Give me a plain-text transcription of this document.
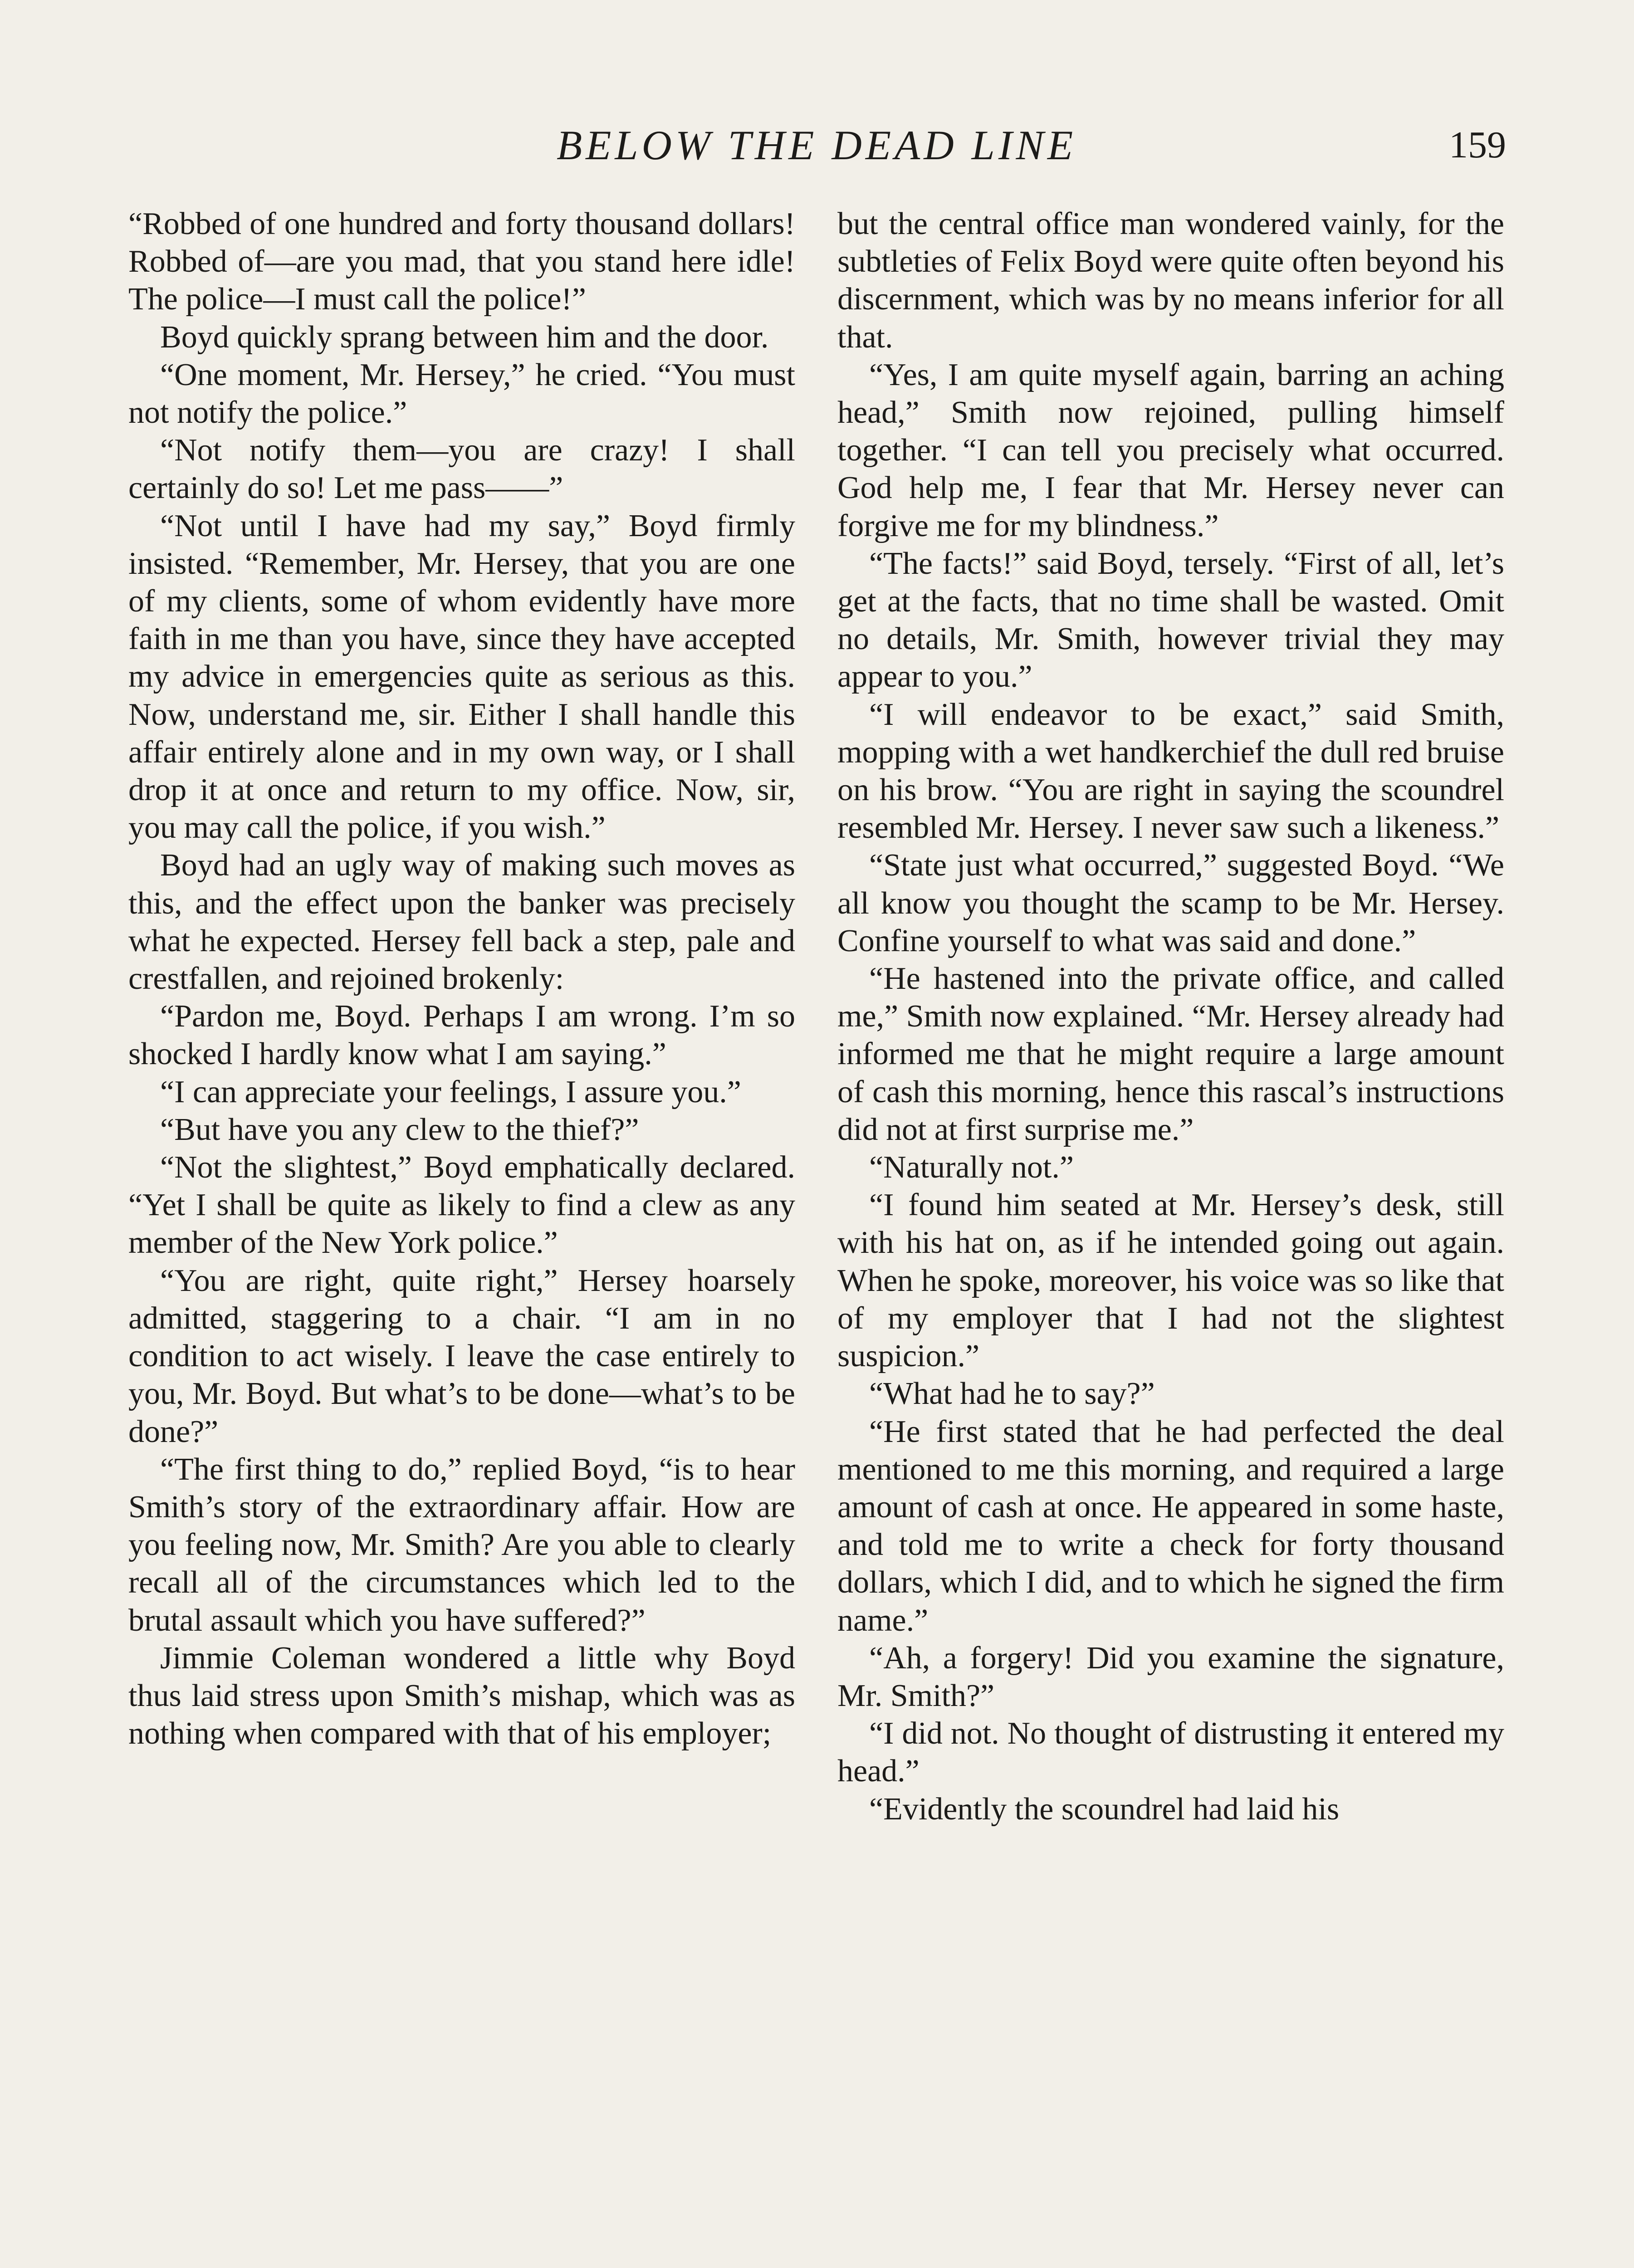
BELOW THE DEAD LINE	159

“Robbed of one hundred and forty thousand dollars! Robbed of—are you mad, that you stand here idle! The police—I must call the police!”

Boyd quickly sprang between him and the door.

“One moment, Mr. Hersey,” he cried. “You must not notify the police.”

“Not notify them—you are crazy! I shall certainly do so! Let me pass——”

“Not until I have had my say,” Boyd firmly insisted. “Remember, Mr. Hersey, that you are one of my clients, some of whom evidently have more faith in me than you have, since they have accepted my advice in emergencies quite as serious as this. Now, understand me, sir. Either I shall handle this affair entirely alone and in my own way, or I shall drop it at once and return to my office. Now, sir, you may call the police, if you wish.”

Boyd had an ugly way of making such moves as this, and the effect upon the banker was precisely what he expected. Hersey fell back a step, pale and crestfallen, and rejoined brokenly:

“Pardon me, Boyd. Perhaps I am wrong. I’m so shocked I hardly know what I am saying.”

“I can appreciate your feelings, I assure you.”

“But have you any clew to the thief?”

“Not the slightest,” Boyd emphatically declared. “Yet I shall be quite as likely to find a clew as any member of the New York police.”

“You are right, quite right,” Hersey hoarsely admitted, staggering to a chair. “I am in no condition to act wisely. I leave the case entirely to you, Mr. Boyd. But what’s to be done—what’s to be done?”

“The first thing to do,” replied Boyd, “is to hear Smith’s story of the extraordinary affair. How are you feeling now, Mr. Smith? Are you able to clearly recall all of the circumstances which led to the brutal assault which you have suffered?”

Jimmie Coleman wondered a little why Boyd thus laid stress upon Smith’s mishap, which was as nothing when compared with that of his employer;

but the central office man wondered vainly, for the subtleties of Felix Boyd were quite often beyond his discernment, which was by no means inferior for all that.

“Yes, I am quite myself again, barring an aching head,” Smith now rejoined, pulling himself together. “I can tell you precisely what occurred. God help me, I fear that Mr. Hersey never can forgive me for my blindness.”

“The facts!” said Boyd, tersely. “First of all, let’s get at the facts, that no time shall be wasted. Omit no details, Mr. Smith, however trivial they may appear to you.”

“I will endeavor to be exact,” said Smith, mopping with a wet handkerchief the dull red bruise on his brow. “You are right in saying the scoundrel resembled Mr. Hersey. I never saw such a likeness.”

“State just what occurred,” suggested Boyd. “We all know you thought the scamp to be Mr. Hersey. Confine yourself to what was said and done.”

“He hastened into the private office, and called me,” Smith now explained. “Mr. Hersey already had informed me that he might require a large amount of cash this morning, hence this rascal’s instructions did not at first surprise me.”

“Naturally not.”

“I found him seated at Mr. Hersey’s desk, still with his hat on, as if he intended going out again. When he spoke, moreover, his voice was so like that of my employer that I had not the slightest suspicion.”

“What had he to say?”

“He first stated that he had perfected the deal mentioned to me this morning, and required a large amount of cash at once. He appeared in some haste, and told me to write a check for forty thousand dollars, which I did, and to which he signed the firm name.”

“Ah, a forgery! Did you examine the signature, Mr. Smith?”

“I did not. No thought of distrusting it entered my head.”

“Evidently the scoundrel had laid his
